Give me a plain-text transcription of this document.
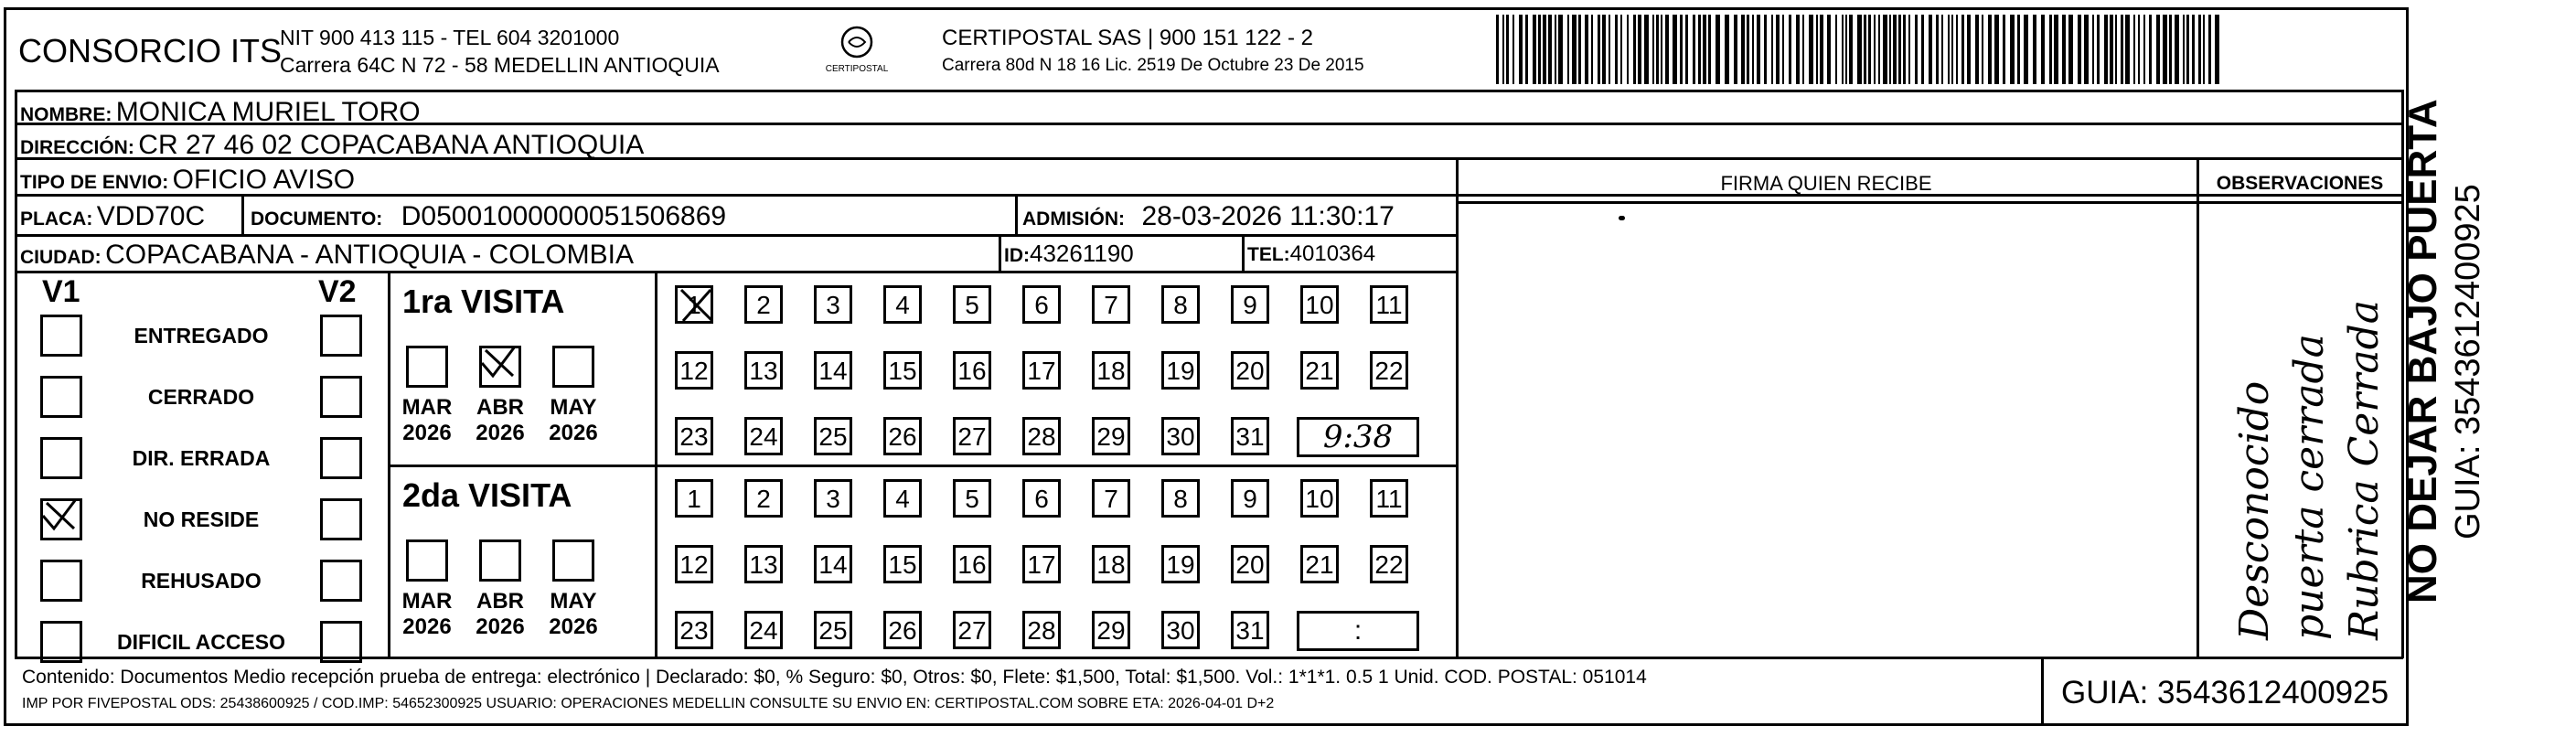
CONSORCIO ITS
NIT 900 413 115 - TEL 604 3201000
Carrera 64C N 72 - 58 MEDELLIN ANTIOQUIA	CERTIPOSTAL
CERTIPOSTAL SAS | 900 151 122 - 2
Carrera 80d N 18 16 Lic. 2519 De Octubre 23 De 2015
NOMBRE: MONICA MURIEL TORO
DIRECCIÓN: CR 27 46 02 COPACABANA ANTIOQUIA
TIPO DE ENVIO: OFICIO AVISO	FIRMA QUIEN RECIBE	OBSERVACIONES
PLACA: VDD70C DOCUMENTO: D05001000000051506869	ADMISIÓN: 28-03-2026 11:30:17
CIUDAD: COPACABANA - ANTIOQUIA - COLOMBIA	ID:43261190	TEL:4010364
V1	V2
Contenido: Documentos Medio recepción prueba de entrega: electrónico | Declarado: $0, % Seguro: $0, Otros: $0, Flete: $1,500, Total: $1,500. Vol.: 1*1*1. 0.5 1 Unid. COD. POSTAL: 051014
IMP POR FIVEPOSTAL ODS: 25438600925 / COD.IMP: 54652300925 USUARIO: OPERACIONES MEDELLIN CONSULTE SU ENVIO EN: CERTIPOSTAL.COM SOBRE ETA: 2026-04-01 D+2	GUIA: 3543612400925
NO DEJAR BAJO PUERTA GUIA: 3543612400925
ENTREGADO
CERRADO
DIR. ERRADA
NO RESIDE
REHUSADO
DIFICIL ACCESO
1ra VISITA
MAR
2026
ABR
2026
MAY
2026
1	2	3	4	5	6	7	8	9	10 11
12 13 14 15 16 17 18 19 20 21 22
23 24 25 26 27 28 29 30 31	9:38
2da VISITA
MAR
2026
ABR
2026
MAY
2026
1	2	3	4	5	6	7	8	9	10 11
12 13 14 15 16 17 18 19 20 21 22
23 24 25 26 27 28 29 30 31	:	Desconocido puerta cerrada Rubrica Cerrada
